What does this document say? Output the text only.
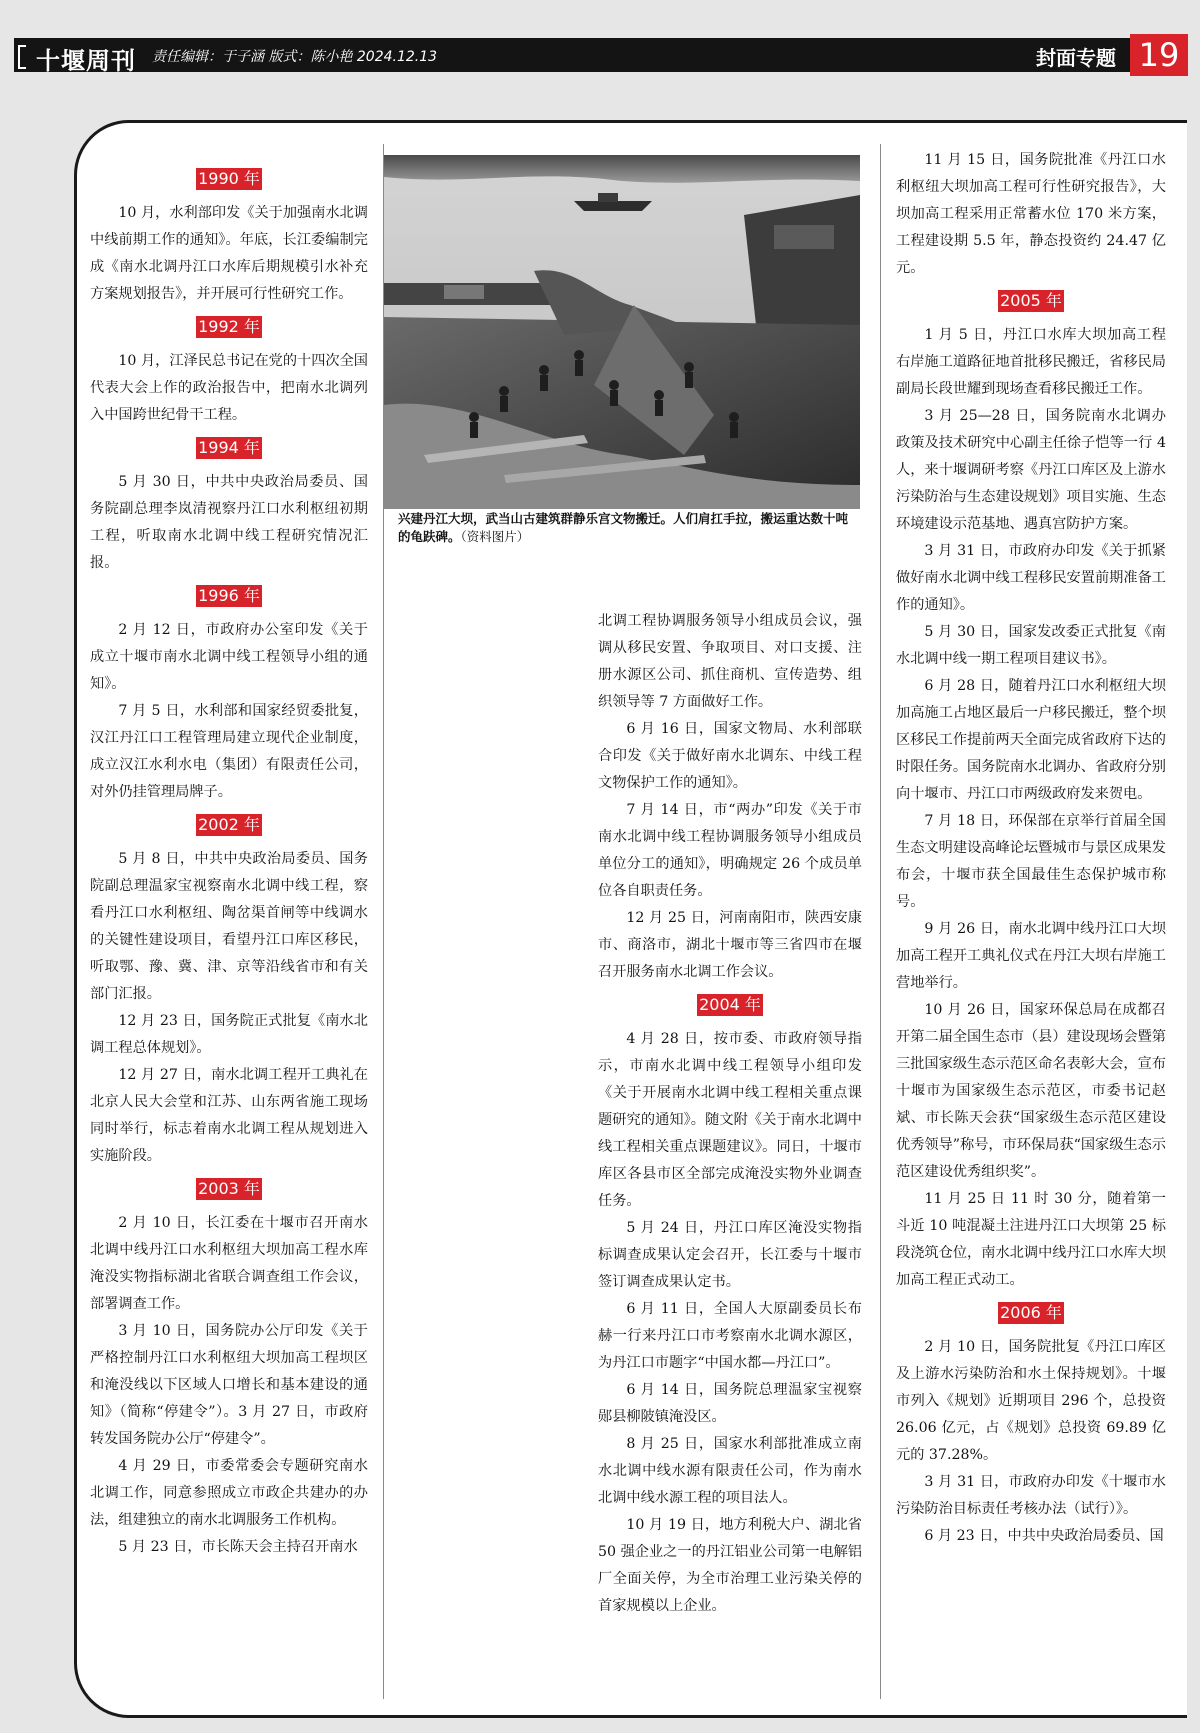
十堰周刊 责任编辑：于子涵 版式：陈小艳 2024.12.13	封面专题 19
1990 年

10 月，水利部印发《关于加强南水北调中线前期工作的通知》。年底，长江委编制完成《南水北调丹江口水库后期规模引水补充方案规划报告》，并开展可行性研究工作。

1992 年

10 月，江泽民总书记在党的十四次全国代表大会上作的政治报告中，把南水北调列入中国跨世纪骨干工程。

1994 年

5 月 30 日，中共中央政治局委员、国务院副总理李岚清视察丹江口水利枢纽初期工程，听取南水北调中线工程研究情况汇报。

1996 年

2 月 12 日，市政府办公室印发《关于成立十堰市南水北调中线工程领导小组的通知》。

7 月 5 日，水利部和国家经贸委批复，汉江丹江口工程管理局建立现代企业制度，成立汉江水利水电（集团）有限责任公司，对外仍挂管理局牌子。

2002 年

5 月 8 日，中共中央政治局委员、国务院副总理温家宝视察南水北调中线工程，察看丹江口水利枢纽、陶岔渠首闸等中线调水的关键性建设项目，看望丹江口库区移民，听取鄂、豫、冀、津、京等沿线省市和有关部门汇报。

12 月 23 日，国务院正式批复《南水北调工程总体规划》。

12 月 27 日，南水北调工程开工典礼在北京人民大会堂和江苏、山东两省施工现场同时举行，标志着南水北调工程从规划进入实施阶段。

2003 年

2 月 10 日，长江委在十堰市召开南水北调中线丹江口水利枢纽大坝加高工程水库淹没实物指标湖北省联合调查组工作会议，部署调查工作。

3 月 10 日，国务院办公厅印发《关于严格控制丹江口水利枢纽大坝加高工程坝区和淹没线以下区域人口增长和基本建设的通知》（简称“停建令”）。3 月 27 日，市政府转发国务院办公厅“停建令”。

4 月 29 日，市委常委会专题研究南水北调工作，同意参照成立市政企共建办的办法，组建独立的南水北调服务工作机构。

5 月 23 日，市长陈天会主持召开南水

北调工程协调服务领导小组成员会议，强调从移民安置、争取项目、对口支援、注册水源区公司、抓住商机、宣传造势、组织领导等 7 方面做好工作。

6 月 16 日，国家文物局、水利部联合印发《关于做好南水北调东、中线工程文物保护工作的通知》。

7 月 14 日，市“两办”印发《关于市南水北调中线工程协调服务领导小组成员单位分工的通知》，明确规定 26 个成员单位各自职责任务。

12 月 25 日，河南南阳市，陕西安康市、商洛市，湖北十堰市等三省四市在堰召开服务南水北调工作会议。

2004 年

4 月 28 日，按市委、市政府领导指示，市南水北调中线工程领导小组印发《关于开展南水北调中线工程相关重点课题研究的通知》。随文附《关于南水北调中线工程相关重点课题建议》。同日，十堰市库区各县市区全部完成淹没实物外业调查任务。

5 月 24 日，丹江口库区淹没实物指标调查成果认定会召开，长江委与十堰市签订调查成果认定书。

6 月 11 日，全国人大原副委员长布赫一行来丹江口市考察南水北调水源区，为丹江口市题字“中国水都—丹江口”。

6 月 14 日，国务院总理温家宝视察郧县柳陂镇淹没区。

8 月 25 日，国家水利部批准成立南水北调中线水源有限责任公司，作为南水北调中线水源工程的项目法人。

10 月 19 日，地方利税大户、湖北省 50 强企业之一的丹江铝业公司第一电解铝厂全面关停，为全市治理工业污染关停的首家规模以上企业。

11 月 15 日，国务院批准《丹江口水利枢纽大坝加高工程可行性研究报告》，大坝加高工程采用正常蓄水位 170 米方案，工程建设期 5.5 年，静态投资约 24.47 亿元。

2005 年

1 月 5 日，丹江口水库大坝加高工程右岸施工道路征地首批移民搬迁，省移民局副局长段世耀到现场查看移民搬迁工作。

3 月 25—28 日，国务院南水北调办政策及技术研究中心副主任徐子恺等一行 4 人，来十堰调研考察《丹江口库区及上游水污染防治与生态建设规划》项目实施、生态环境建设示范基地、遇真宫防护方案。

3 月 31 日，市政府办印发《关于抓紧做好南水北调中线工程移民安置前期准备工作的通知》。

5 月 30 日，国家发改委正式批复《南水北调中线一期工程项目建议书》。

6 月 28 日，随着丹江口水利枢纽大坝加高施工占地区最后一户移民搬迁，整个坝区移民工作提前两天全面完成省政府下达的时限任务。国务院南水北调办、省政府分别向十堰市、丹江口市两级政府发来贺电。

7 月 18 日，环保部在京举行首届全国生态文明建设高峰论坛暨城市与景区成果发布会，十堰市获全国最佳生态保护城市称号。

9 月 26 日，南水北调中线丹江口大坝加高工程开工典礼仪式在丹江大坝右岸施工营地举行。

10 月 26 日，国家环保总局在成都召开第二届全国生态市（县）建设现场会暨第三批国家级生态示范区命名表彰大会，宣布十堰市为国家级生态示范区，市委书记赵斌、市长陈天会获“国家级生态示范区建设优秀领导”称号，市环保局获“国家级生态示范区建设优秀组织奖”。

11 月 25 日 11 时 30 分，随着第一斗近 10 吨混凝土注进丹江口大坝第 25 标段浇筑仓位，南水北调中线丹江口水库大坝加高工程正式动工。

2006 年

2 月 10 日，国务院批复《丹江口库区及上游水污染防治和水土保持规划》。十堰市列入《规划》近期项目 296 个，总投资 26.06 亿元，占《规划》总投资 69.89 亿元的 37.28%。

3 月 31 日，市政府办印发《十堰市水污染防治目标责任考核办法（试行）》。

6 月 23 日，中共中央政治局委员、国

兴建丹江大坝，武当山古建筑群静乐宫文物搬迁。人们肩扛手拉，搬运重达数十吨的龟趺碑。（资料图片）
